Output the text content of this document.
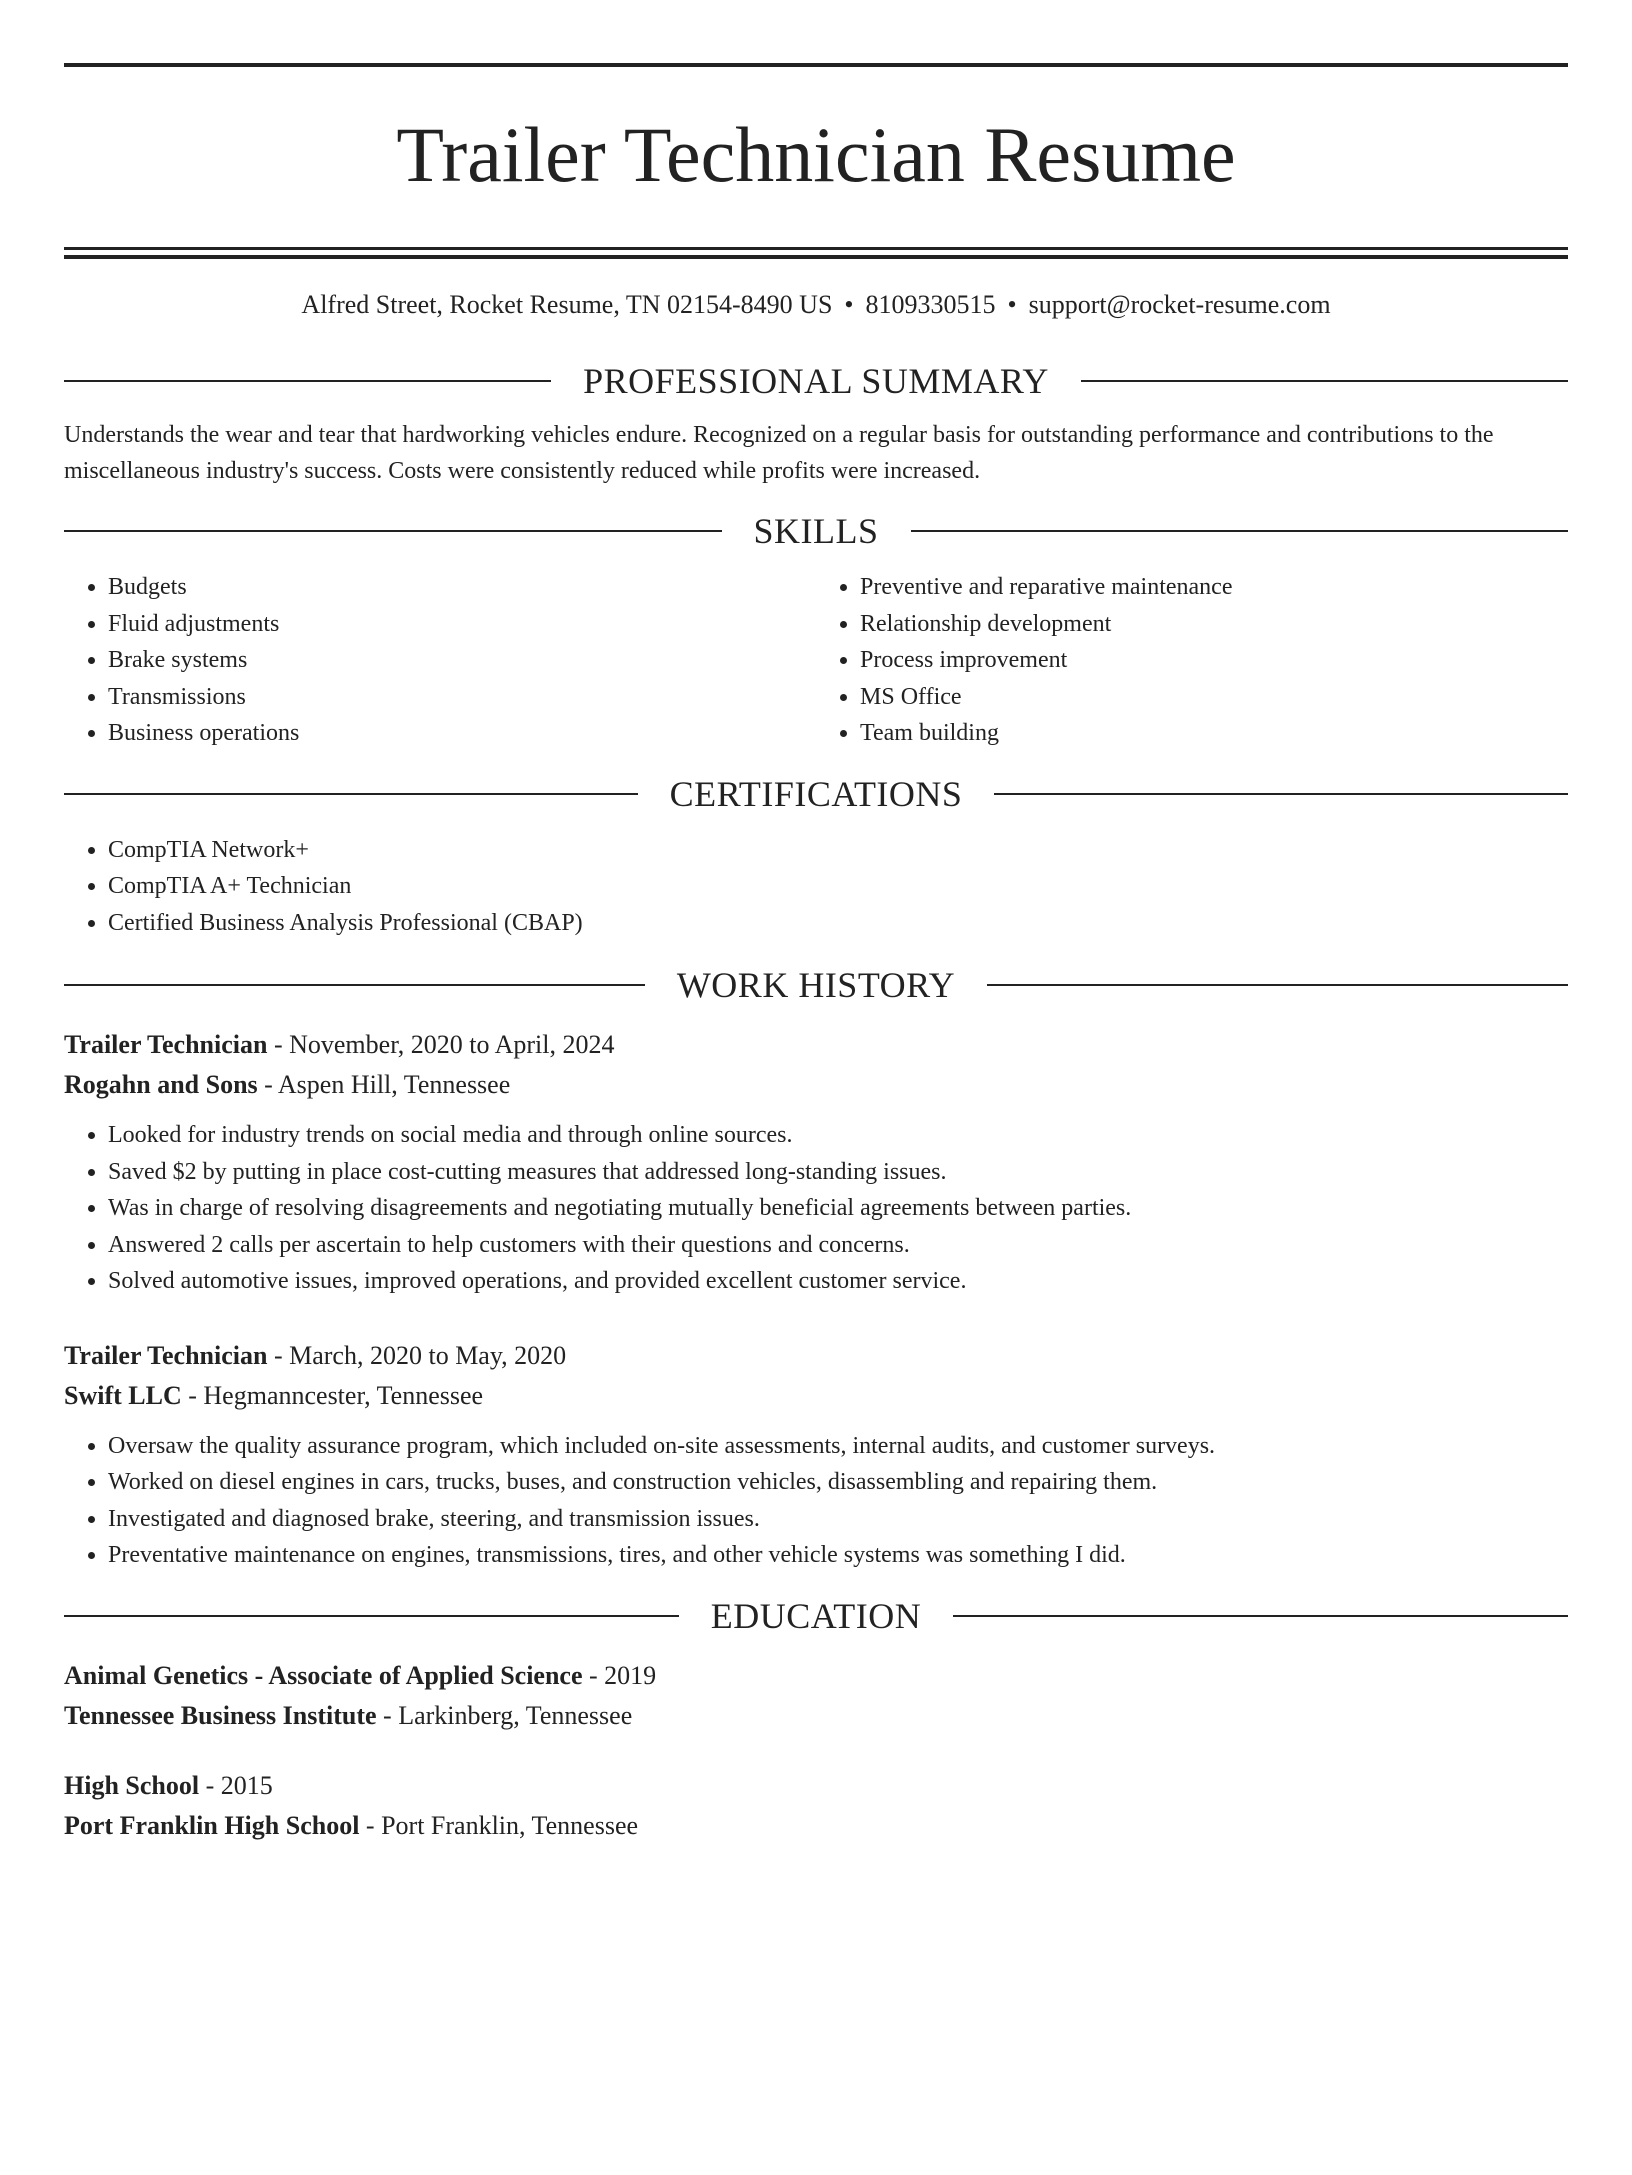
Trailer Technician Resume
Alfred Street, Rocket Resume, TN 02154-8490 US • 8109330515 • support@rocket-resume.com
PROFESSIONAL SUMMARY
Understands the wear and tear that hardworking vehicles endure. Recognized on a regular basis for outstanding performance and contributions to the miscellaneous industry's success. Costs were consistently reduced while profits were increased.
SKILLS
• Budgets
• Fluid adjustments
• Brake systems
• Transmissions
• Business operations
• Preventive and reparative maintenance
• Relationship development
• Process improvement
• MS Office
• Team building
CERTIFICATIONS
• CompTIA Network+
• CompTIA A+ Technician
• Certified Business Analysis Professional (CBAP)
WORK HISTORY
Trailer Technician - November, 2020 to April, 2024
Rogahn and Sons - Aspen Hill, Tennessee
• Looked for industry trends on social media and through online sources.
• Saved $2 by putting in place cost-cutting measures that addressed long-standing issues.
• Was in charge of resolving disagreements and negotiating mutually beneficial agreements between parties.
• Answered 2 calls per ascertain to help customers with their questions and concerns.
• Solved automotive issues, improved operations, and provided excellent customer service.
Trailer Technician - March, 2020 to May, 2020
Swift LLC - Hegmanncester, Tennessee
• Oversaw the quality assurance program, which included on-site assessments, internal audits, and customer surveys.
• Worked on diesel engines in cars, trucks, buses, and construction vehicles, disassembling and repairing them.
• Investigated and diagnosed brake, steering, and transmission issues.
• Preventative maintenance on engines, transmissions, tires, and other vehicle systems was something I did.
EDUCATION
Animal Genetics - Associate of Applied Science - 2019
Tennessee Business Institute - Larkinberg, Tennessee
High School - 2015
Port Franklin High School - Port Franklin, Tennessee
